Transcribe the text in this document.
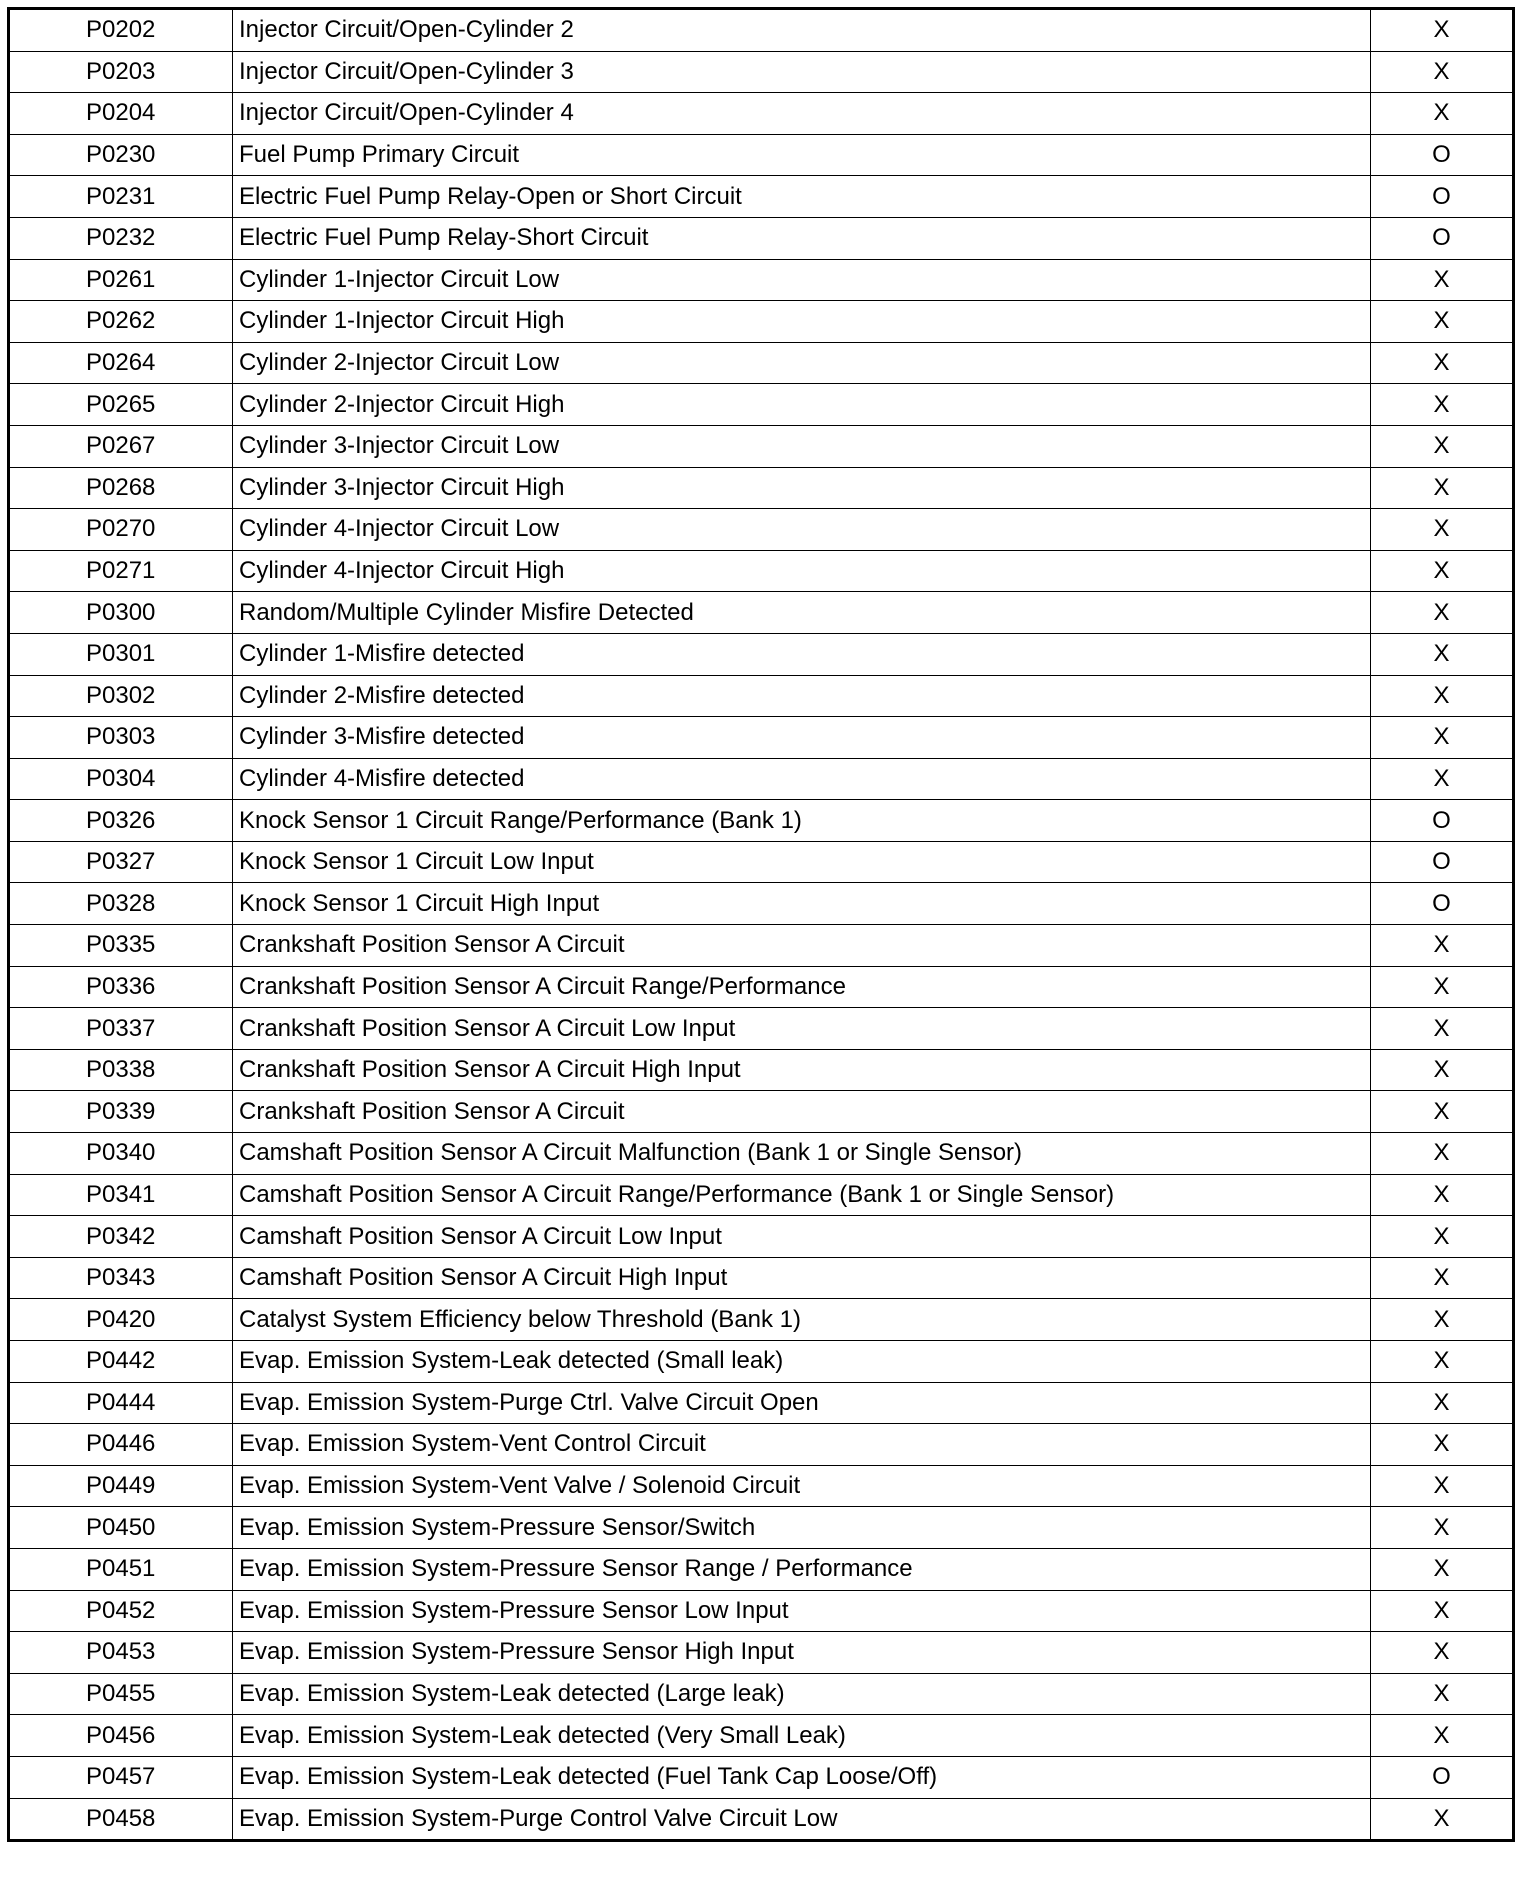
P0202	Injector Circuit/Open-Cylinder 2	X
P0203	Injector Circuit/Open-Cylinder 3	X
P0204	Injector Circuit/Open-Cylinder 4	X
P0230	Fuel Pump Primary Circuit	O
P0231	Electric Fuel Pump Relay-Open or Short Circuit	O
P0232	Electric Fuel Pump Relay-Short Circuit	O
P0261	Cylinder 1-Injector Circuit Low	X
P0262	Cylinder 1-Injector Circuit High	X
P0264	Cylinder 2-Injector Circuit Low	X
P0265	Cylinder 2-Injector Circuit High	X
P0267	Cylinder 3-Injector Circuit Low	X
P0268	Cylinder 3-Injector Circuit High	X
P0270	Cylinder 4-Injector Circuit Low	X
P0271	Cylinder 4-Injector Circuit High	X
P0300	Random/Multiple Cylinder Misfire Detected	X
P0301	Cylinder 1-Misfire detected	X
P0302	Cylinder 2-Misfire detected	X
P0303	Cylinder 3-Misfire detected	X
P0304	Cylinder 4-Misfire detected	X
P0326	Knock Sensor 1 Circuit Range/Performance (Bank 1)	O
P0327	Knock Sensor 1 Circuit Low Input	O
P0328	Knock Sensor 1 Circuit High Input	O
P0335	Crankshaft Position Sensor A Circuit	X
P0336	Crankshaft Position Sensor A Circuit Range/Performance	X
P0337	Crankshaft Position Sensor A Circuit Low Input	X
P0338	Crankshaft Position Sensor A Circuit High Input	X
P0339	Crankshaft Position Sensor A Circuit	X
P0340	Camshaft Position Sensor A Circuit Malfunction (Bank 1 or Single Sensor)	X
P0341	Camshaft Position Sensor A Circuit Range/Performance (Bank 1 or Single Sensor)	X
P0342	Camshaft Position Sensor A Circuit Low Input	X
P0343	Camshaft Position Sensor A Circuit High Input	X
P0420	Catalyst System Efficiency below Threshold (Bank 1)	X
P0442	Evap. Emission System-Leak detected (Small leak)	X
P0444	Evap. Emission System-Purge Ctrl. Valve Circuit Open	X
P0446	Evap. Emission System-Vent Control Circuit	X
P0449	Evap. Emission System-Vent Valve / Solenoid Circuit	X
P0450	Evap. Emission System-Pressure Sensor/Switch	X
P0451	Evap. Emission System-Pressure Sensor Range / Performance	X
P0452	Evap. Emission System-Pressure Sensor Low Input	X
P0453	Evap. Emission System-Pressure Sensor High Input	X
P0455	Evap. Emission System-Leak detected (Large leak)	X
P0456	Evap. Emission System-Leak detected (Very Small Leak)	X
P0457	Evap. Emission System-Leak detected (Fuel Tank Cap Loose/Off)	O
P0458	Evap. Emission System-Purge Control Valve Circuit Low	X
